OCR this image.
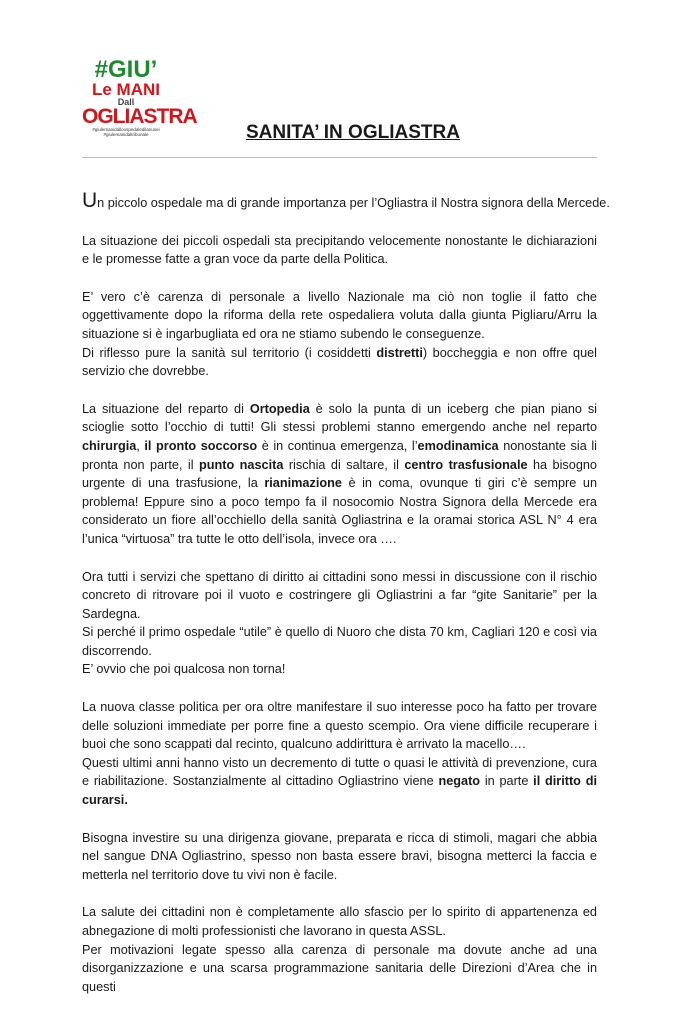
#GIU’
Le MANI
Dall
OGLIASTRA
#giulemanidalloospedaledilanusei
#giulemanidaltribunale	SANITA’ IN OGLIASTRA

Un piccolo ospedale ma di grande importanza per l’Ogliastra il Nostra signora della Mercede.

La situazione dei piccoli ospedali sta precipitando velocemente nonostante le dichiarazioni e le promesse fatte a gran voce da parte della Politica.

E’ vero c’è carenza di personale a livello Nazionale ma ciò non toglie il fatto che oggettivamente dopo la riforma della rete ospedaliera voluta dalla giunta Pigliaru/Arru la situazione si è ingarbugliata ed ora ne stiamo subendo le conseguenze.
Di riflesso pure la sanità sul territorio (i cosiddetti distretti) boccheggia e non offre quel servizio che dovrebbe.

La situazione del reparto di Ortopedia è solo la punta di un iceberg che pian piano si scioglie sotto l’occhio di tutti! Gli stessi problemi stanno emergendo anche nel reparto chirurgia, il pronto soccorso è in continua emergenza, l’emodinamica nonostante sia li pronta non parte, il punto nascita rischia di saltare, il centro trasfusionale ha bisogno urgente di una trasfusione, la rianimazione è in coma, ovunque ti giri c’è sempre un problema! Eppure sino a poco tempo fa il nosocomio Nostra Signora della Mercede era considerato un fiore all’occhiello della sanità Ogliastrina e la oramai storica ASL N° 4 era l’unica “virtuosa” tra tutte le otto dell’isola, invece ora ….

Ora tutti i servizi che spettano di diritto ai cittadini sono messi in discussione con il rischio concreto di ritrovare poi il vuoto e costringere gli Ogliastrini a far “gite Sanitarie” per la Sardegna.
Si perché il primo ospedale “utile” è quello di Nuoro che dista 70 km, Cagliari 120 e così via discorrendo.
E’ ovvio che poi qualcosa non torna!

La nuova classe politica per ora oltre manifestare il suo interesse poco ha fatto per trovare delle soluzioni immediate per porre fine a questo scempio. Ora viene difficile recuperare i buoi che sono scappati dal recinto, qualcuno addirittura è arrivato la macello….
Questi ultimi anni hanno visto un decremento di tutte o quasi le attività di prevenzione, cura e riabilitazione. Sostanzialmente al cittadino Ogliastrino viene negato in parte il diritto di curarsi.

Bisogna investire su una dirigenza giovane, preparata e ricca di stimoli, magari che abbia nel sangue DNA Ogliastrino, spesso non basta essere bravi, bisogna metterci la faccia e metterla nel territorio dove tu vivi non è facile.

La salute dei cittadini non è completamente allo sfascio per lo spirito di appartenenza ed abnegazione di molti professionisti che lavorano in questa ASSL.
Per motivazioni legate spesso alla carenza di personale ma dovute anche ad una disorganizzazione e una scarsa programmazione sanitaria delle Direzioni d’Area che in questi
